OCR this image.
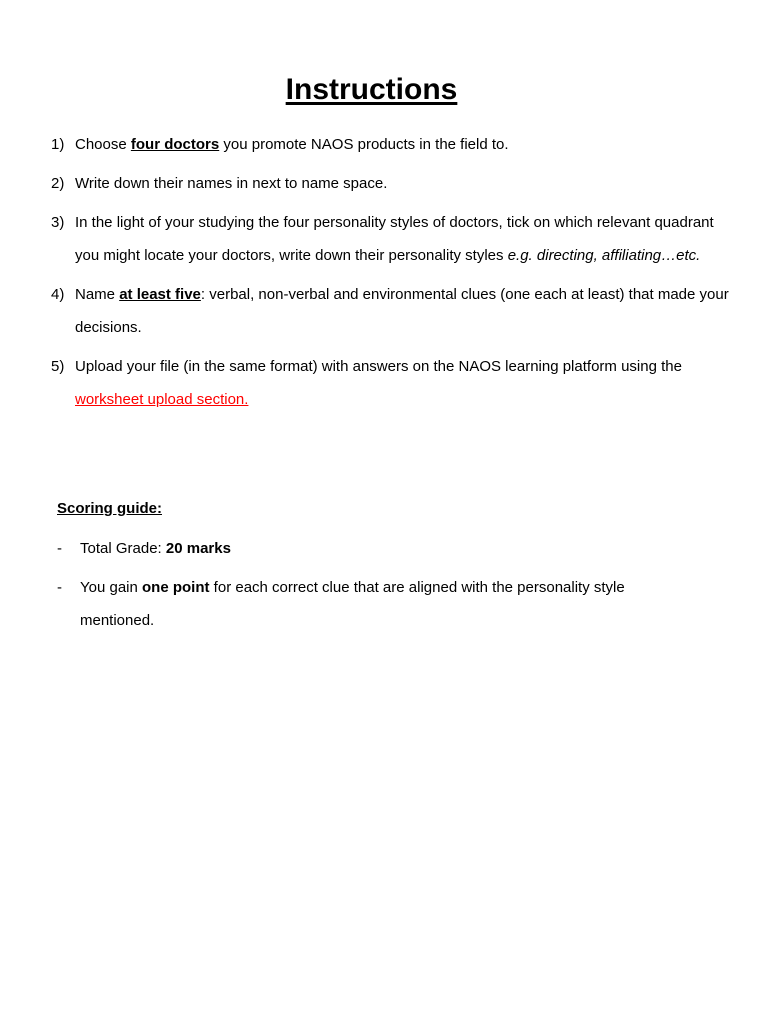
Instructions
1) Choose four doctors you promote NAOS products in the field to.
2) Write down their names in next to name space.
3) In the light of your studying the four personality styles of doctors, tick on which relevant quadrant you might locate your doctors, write down their personality styles e.g. directing, affiliating…etc.
4) Name at least five: verbal, non-verbal and environmental clues (one each at least) that made your decisions.
5) Upload your file (in the same format) with answers on the NAOS learning platform using the worksheet upload section.
Scoring guide:
- Total Grade: 20 marks
- You gain one point for each correct clue that are aligned with the personality style mentioned.
